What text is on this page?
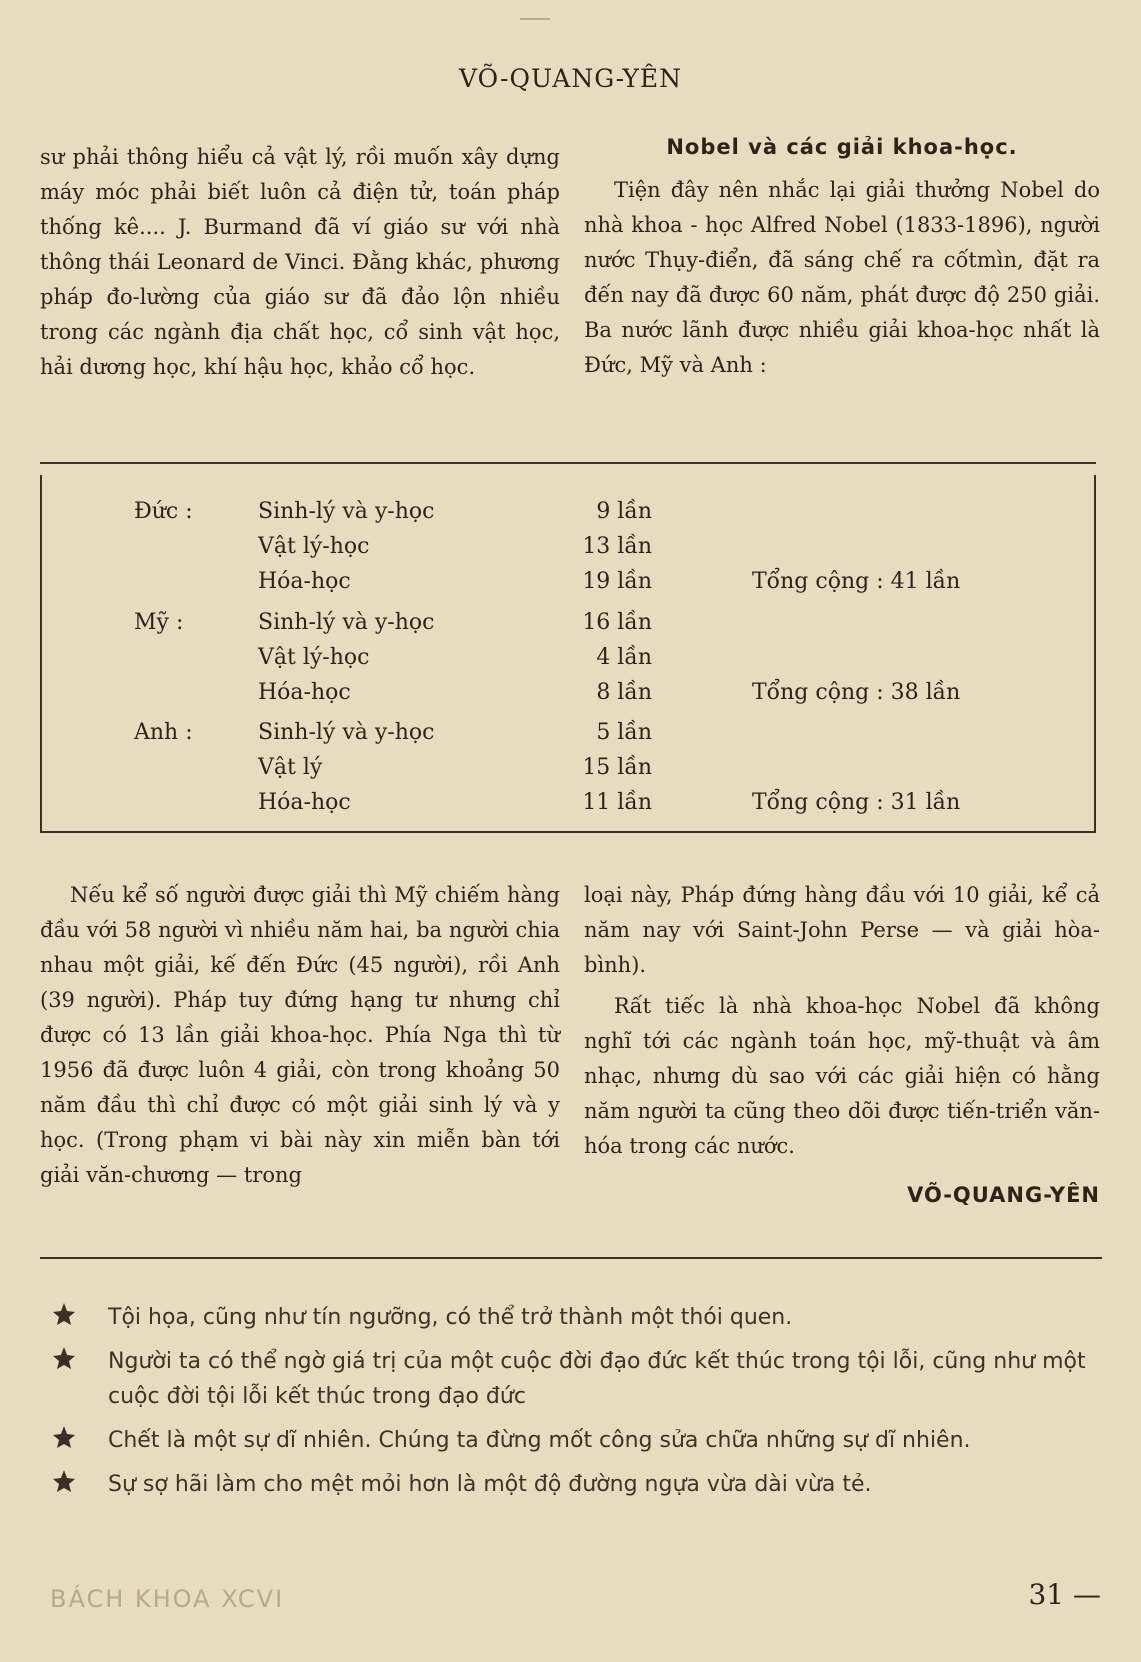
VÕ-QUANG-YÊN

sư phải thông hiểu cả vật lý, rồi muốn xây dựng máy móc phải biết luôn cả điện tử, toán pháp thống kê.... J. Burmand đã ví giáo sư với nhà thông thái Leonard de Vinci. Đằng khác, phương pháp đo-lường của giáo sư đã đảo lộn nhiều trong các ngành địa chất học, cổ sinh vật học, hải dương học, khí hậu học, khảo cổ học.

Nobel và các giải khoa-học.

Tiện đây nên nhắc lại giải thưởng Nobel do nhà khoa - học Alfred Nobel (1833-1896), người nước Thụy-điển, đã sáng chế ra cốtmìn, đặt ra đến nay đã được 60 năm, phát được độ 250 giải. Ba nước lãnh được nhiều giải khoa-học nhất là Đức, Mỹ và Anh :

Đức :	Sinh-lý và y-học	9 lần
Vật lý-học	13 lần
Hóa-học	19 lần	Tổng cộng : 41 lần
Mỹ :	Sinh-lý và y-học	16 lần
Vật lý-học	4 lần
Hóa-học	8 lần	Tổng cộng : 38 lần
Anh :	Sinh-lý và y-học	5 lần
Vật lý	15 lần
Hóa-học	11 lần	Tổng cộng : 31 lần

Nếu kể số người được giải thì Mỹ chiếm hàng đầu với 58 người vì nhiều năm hai, ba người chia nhau một giải, kế đến Đức (45 người), rồi Anh (39 người). Pháp tuy đứng hạng tư nhưng chỉ được có 13 lần giải khoa-học. Phía Nga thì từ 1956 đã được luôn 4 giải, còn trong khoảng 50 năm đầu thì chỉ được có một giải sinh lý và y học. (Trong phạm vi bài này xin miễn bàn tới giải văn-chương — trong

loại này, Pháp đứng hàng đầu với 10 giải, kể cả năm nay với Saint-John Perse — và giải hòa-bình).

Rất tiếc là nhà khoa-học Nobel đã không nghĩ tới các ngành toán học, mỹ-thuật và âm nhạc, nhưng dù sao với các giải hiện có hằng năm người ta cũng theo dõi được tiến-triển văn-hóa trong các nước.

VÕ-QUANG-YÊN
Tội họa, cũng như tín ngưỡng, có thể trở thành một thói quen.
Người ta có thể ngờ giá trị của một cuộc đời đạo đức kết thúc trong tội lỗi, cũng như một cuộc đời tội lỗi kết thúc trong đạo đức
Chết là một sự dĩ nhiên. Chúng ta đừng mốt công sửa chữa những sự dĩ nhiên.
Sự sợ hãi làm cho mệt mỏi hơn là một độ đường ngựa vừa dài vừa tẻ.
BÁCH KHOA XCVI	31 —
